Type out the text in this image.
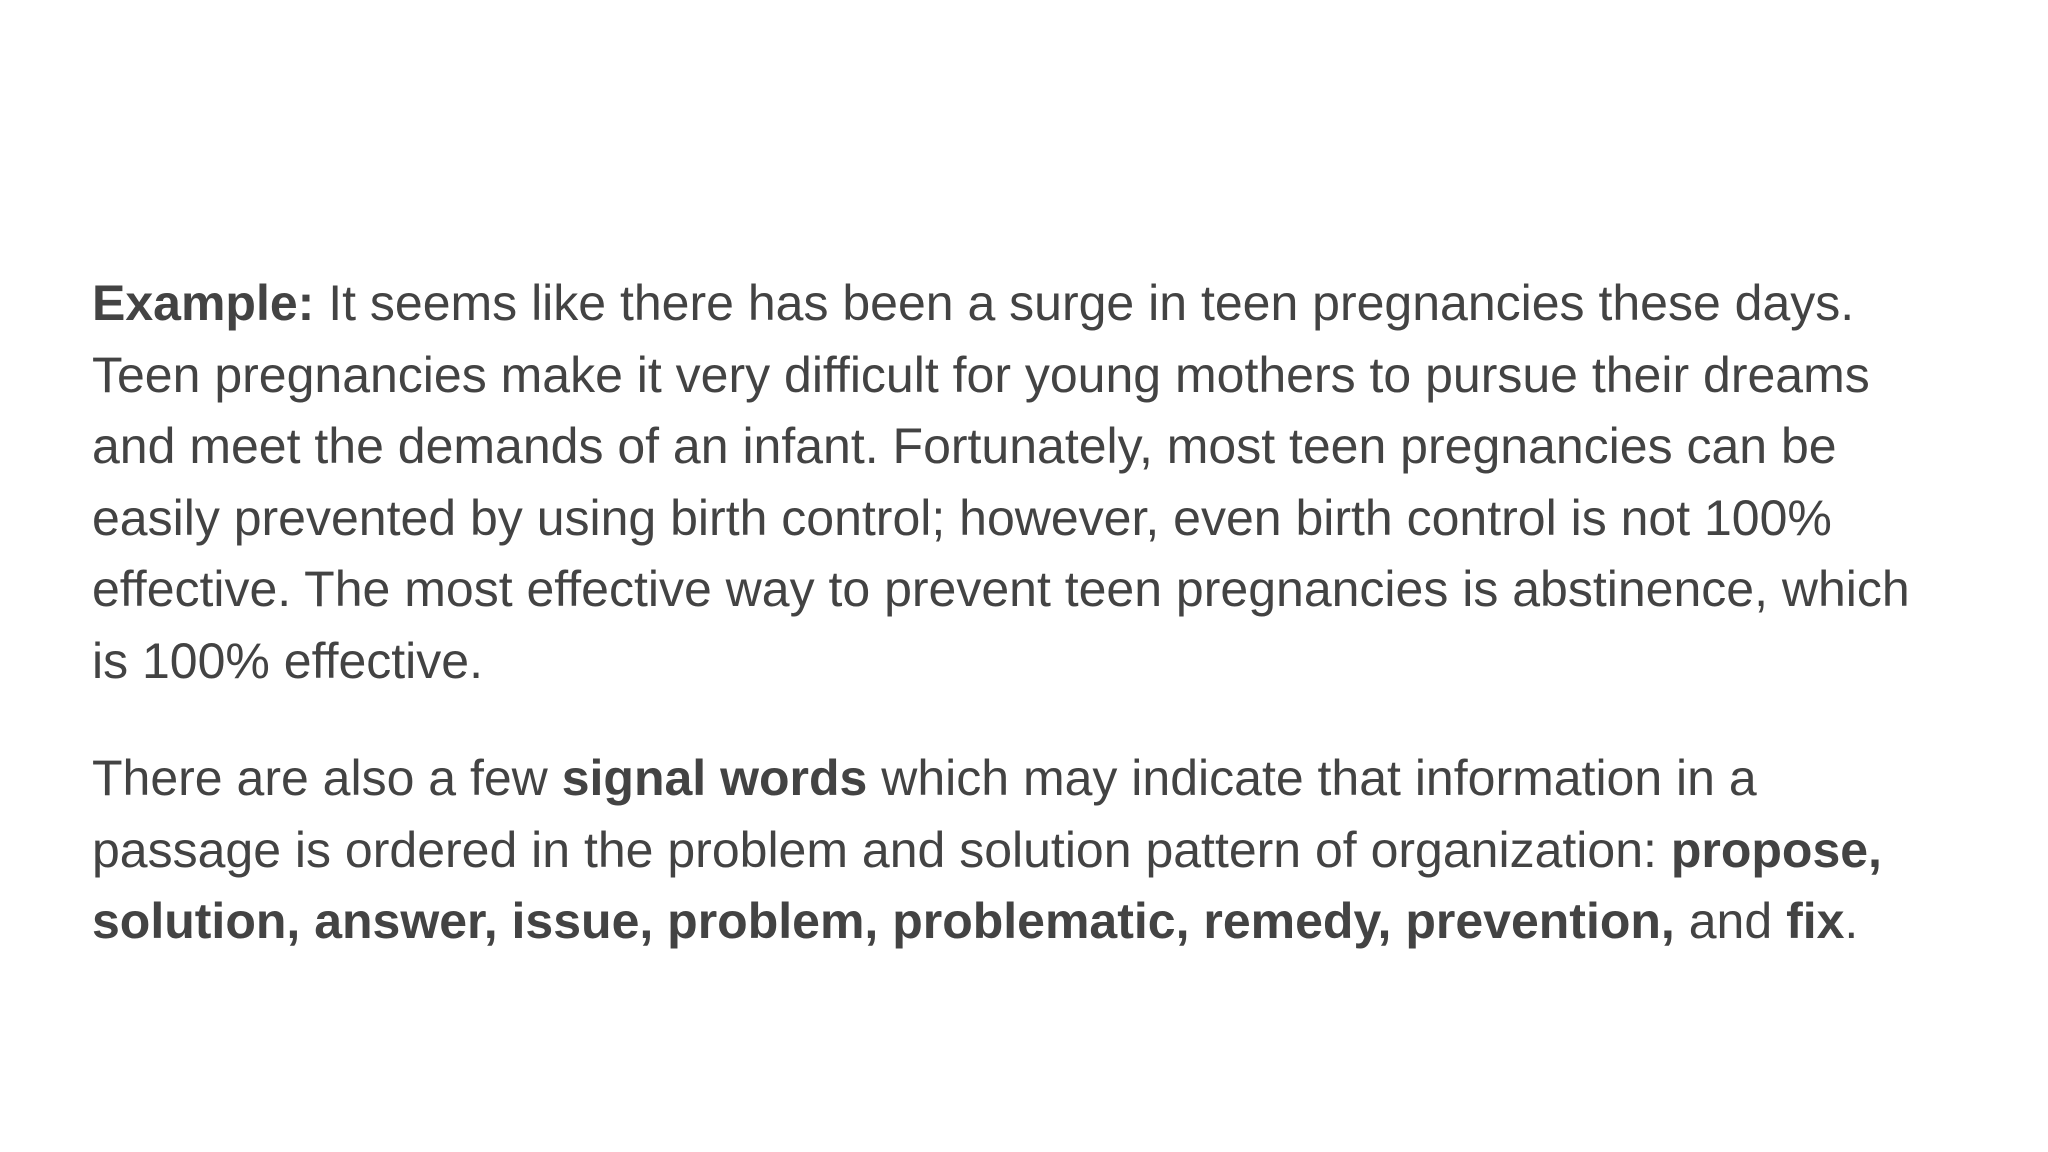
Example: It seems like there has been a surge in teen pregnancies these days.
Teen pregnancies make it very difficult for young mothers to pursue their dreams
and meet the demands of an infant. Fortunately, most teen pregnancies can be
easily prevented by using birth control; however, even birth control is not 100%
effective. The most effective way to prevent teen pregnancies is abstinence, which
is 100% effective.

There are also a few signal words which may indicate that information in a
passage is ordered in the problem and solution pattern of organization: propose,
solution, answer, issue, problem, problematic, remedy, prevention, and fix.
